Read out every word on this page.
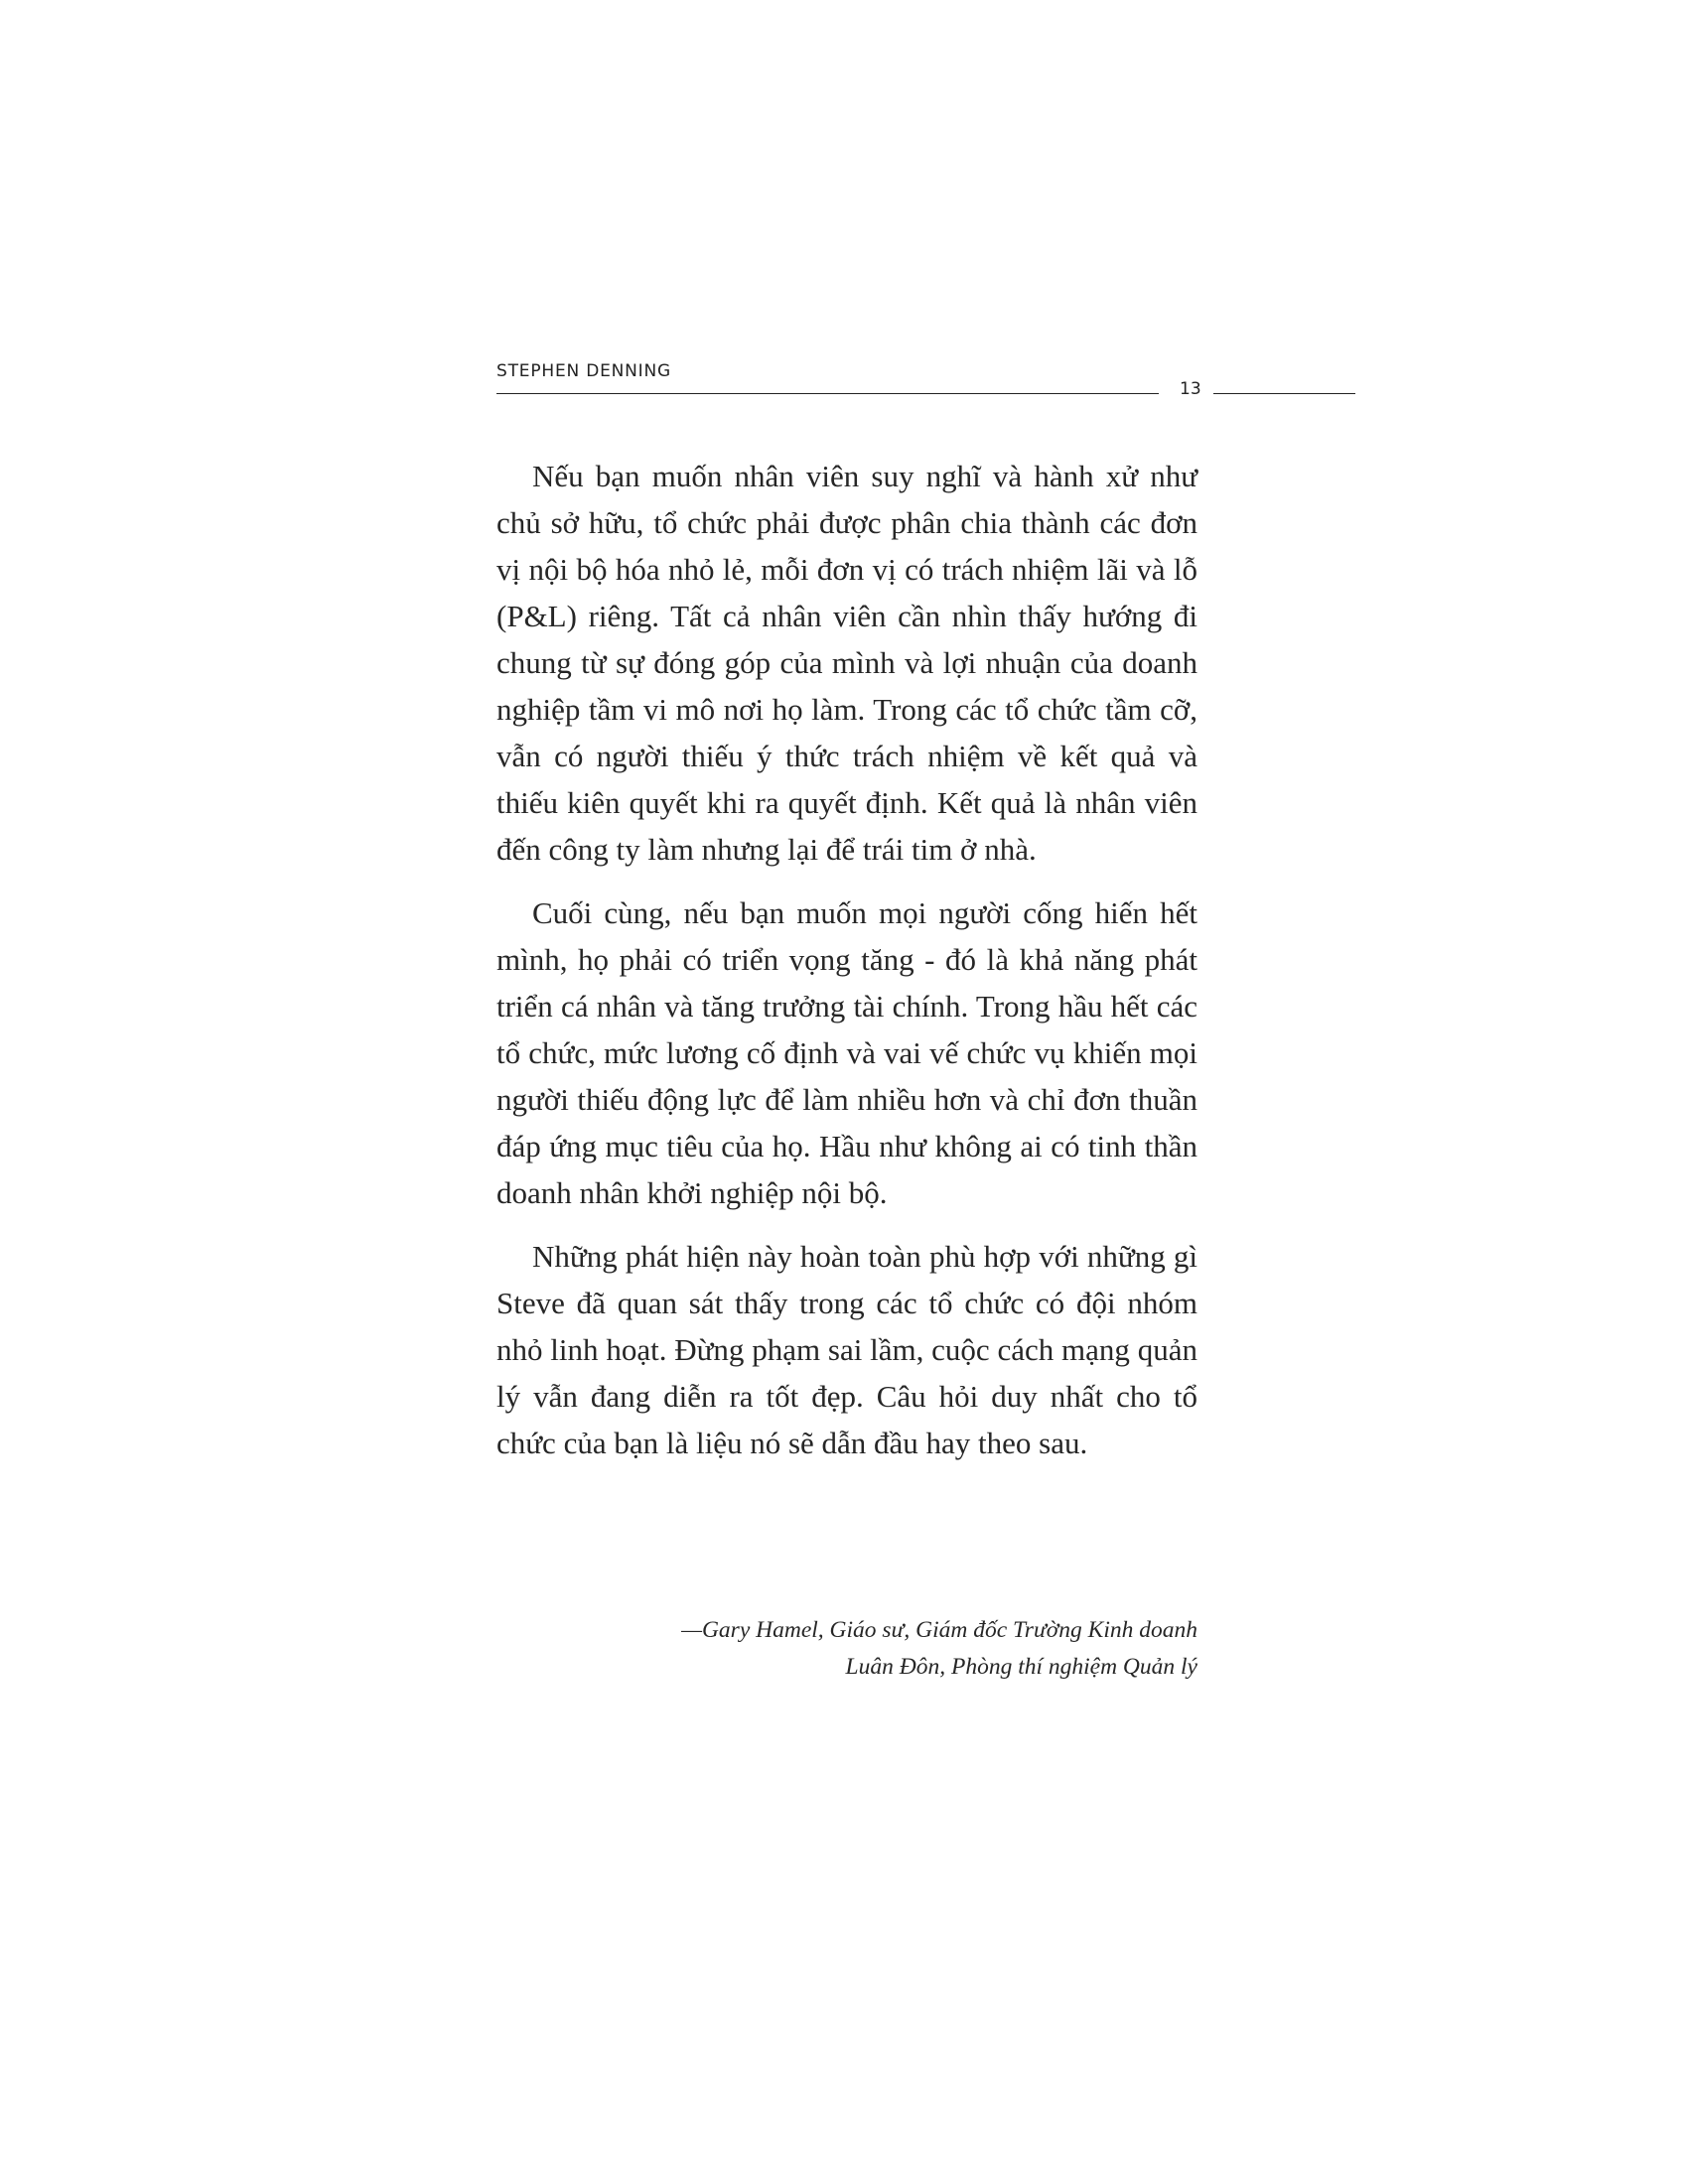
STEPHEN DENNING
13

Nếu bạn muốn nhân viên suy nghĩ và hành xử như chủ sở hữu, tổ chức phải được phân chia thành các đơn vị nội bộ hóa nhỏ lẻ, mỗi đơn vị có trách nhiệm lãi và lỗ (P&L) riêng. Tất cả nhân viên cần nhìn thấy hướng đi chung từ sự đóng góp của mình và lợi nhuận của doanh nghiệp tầm vi mô nơi họ làm. Trong các tổ chức tầm cỡ, vẫn có người thiếu ý thức trách nhiệm về kết quả và thiếu kiên quyết khi ra quyết định. Kết quả là nhân viên đến công ty làm nhưng lại để trái tim ở nhà.

Cuối cùng, nếu bạn muốn mọi người cống hiến hết mình, họ phải có triển vọng tăng - đó là khả năng phát triển cá nhân và tăng trưởng tài chính. Trong hầu hết các tổ chức, mức lương cố định và vai vế chức vụ khiến mọi người thiếu động lực để làm nhiều hơn và chỉ đơn thuần đáp ứng mục tiêu của họ. Hầu như không ai có tinh thần doanh nhân khởi nghiệp nội bộ.

Những phát hiện này hoàn toàn phù hợp với những gì Steve đã quan sát thấy trong các tổ chức có đội nhóm nhỏ linh hoạt. Đừng phạm sai lầm, cuộc cách mạng quản lý vẫn đang diễn ra tốt đẹp. Câu hỏi duy nhất cho tổ chức của bạn là liệu nó sẽ dẫn đầu hay theo sau.

—Gary Hamel, Giáo sư, Giám đốc Trường Kinh doanh
Luân Đôn, Phòng thí nghiệm Quản lý
